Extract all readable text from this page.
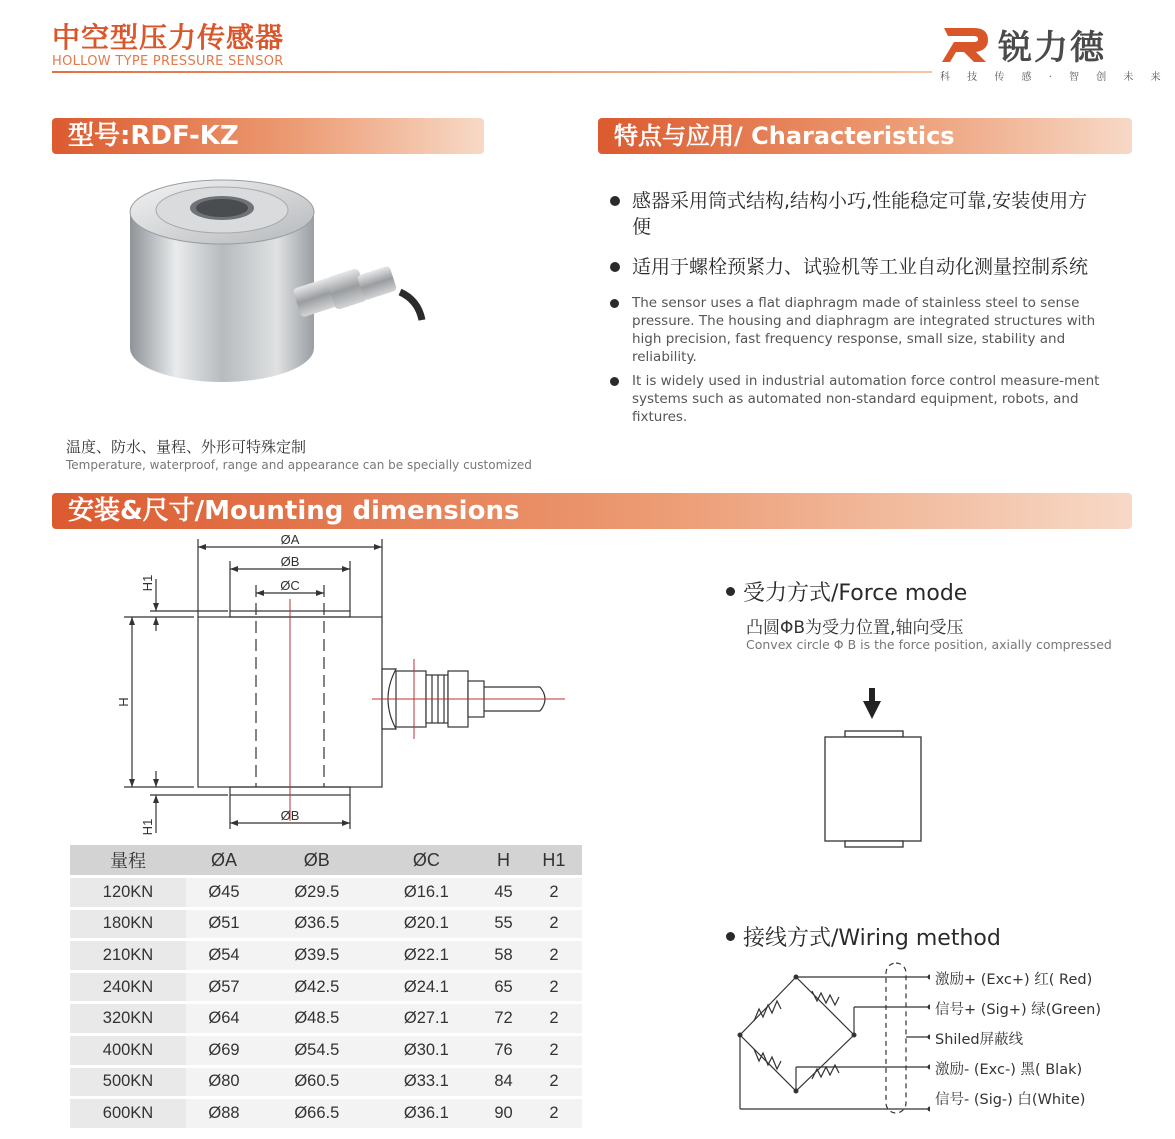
中空型压力传感器
HOLLOW TYPE PRESSURE SENSOR	锐力德
科 技 传 感 · 智 创 未 来
型号:RDF-KZ	特点与应用/ Characteristics
安装&尺寸/Mounting dimensions
温度、防水、量程、外形可特殊定制
Temperature, waterproof, range and appearance can be specially customized
感器采用筒式结构,结构小巧,性能稳定可靠,安装使用方便
适用于螺栓预紧力、试验机等工业自动化测量控制系统
The sensor uses a flat diaphragm made of stainless steel to sense pressure. The housing and diaphragm are integrated structures with high precision, fast frequency response, small size, stability and reliability.
It is widely used in industrial automation force control measure-ment systems such as automated non-standard equipment, robots, and fixtures.
ØA
ØB
ØC
ØB
H
H1
H1
量程	ØA	ØB	ØC	H	H1
120KN	Ø45	Ø29.5	Ø16.1	45	2
180KN	Ø51	Ø36.5	Ø20.1	55	2
210KN	Ø54	Ø39.5	Ø22.1	58	2
240KN	Ø57	Ø42.5	Ø24.1	65	2
320KN	Ø64	Ø48.5	Ø27.1	72	2
400KN	Ø69	Ø54.5	Ø30.1	76	2
500KN	Ø80	Ø60.5	Ø33.1	84	2
600KN	Ø88	Ø66.5	Ø36.1	90	2
受力方式/Force mode
凸圆ΦB为受力位置,轴向受压
Convex circle Φ B is the force position, axially compressed
接线方式/Wiring method
激励+ (Exc+) 红( Red)
信号+ (Sig+) 绿(Green)
Shiled屏蔽线
激励- (Exc-) 黑( Blak)
信号- (Sig-) 白(White)
